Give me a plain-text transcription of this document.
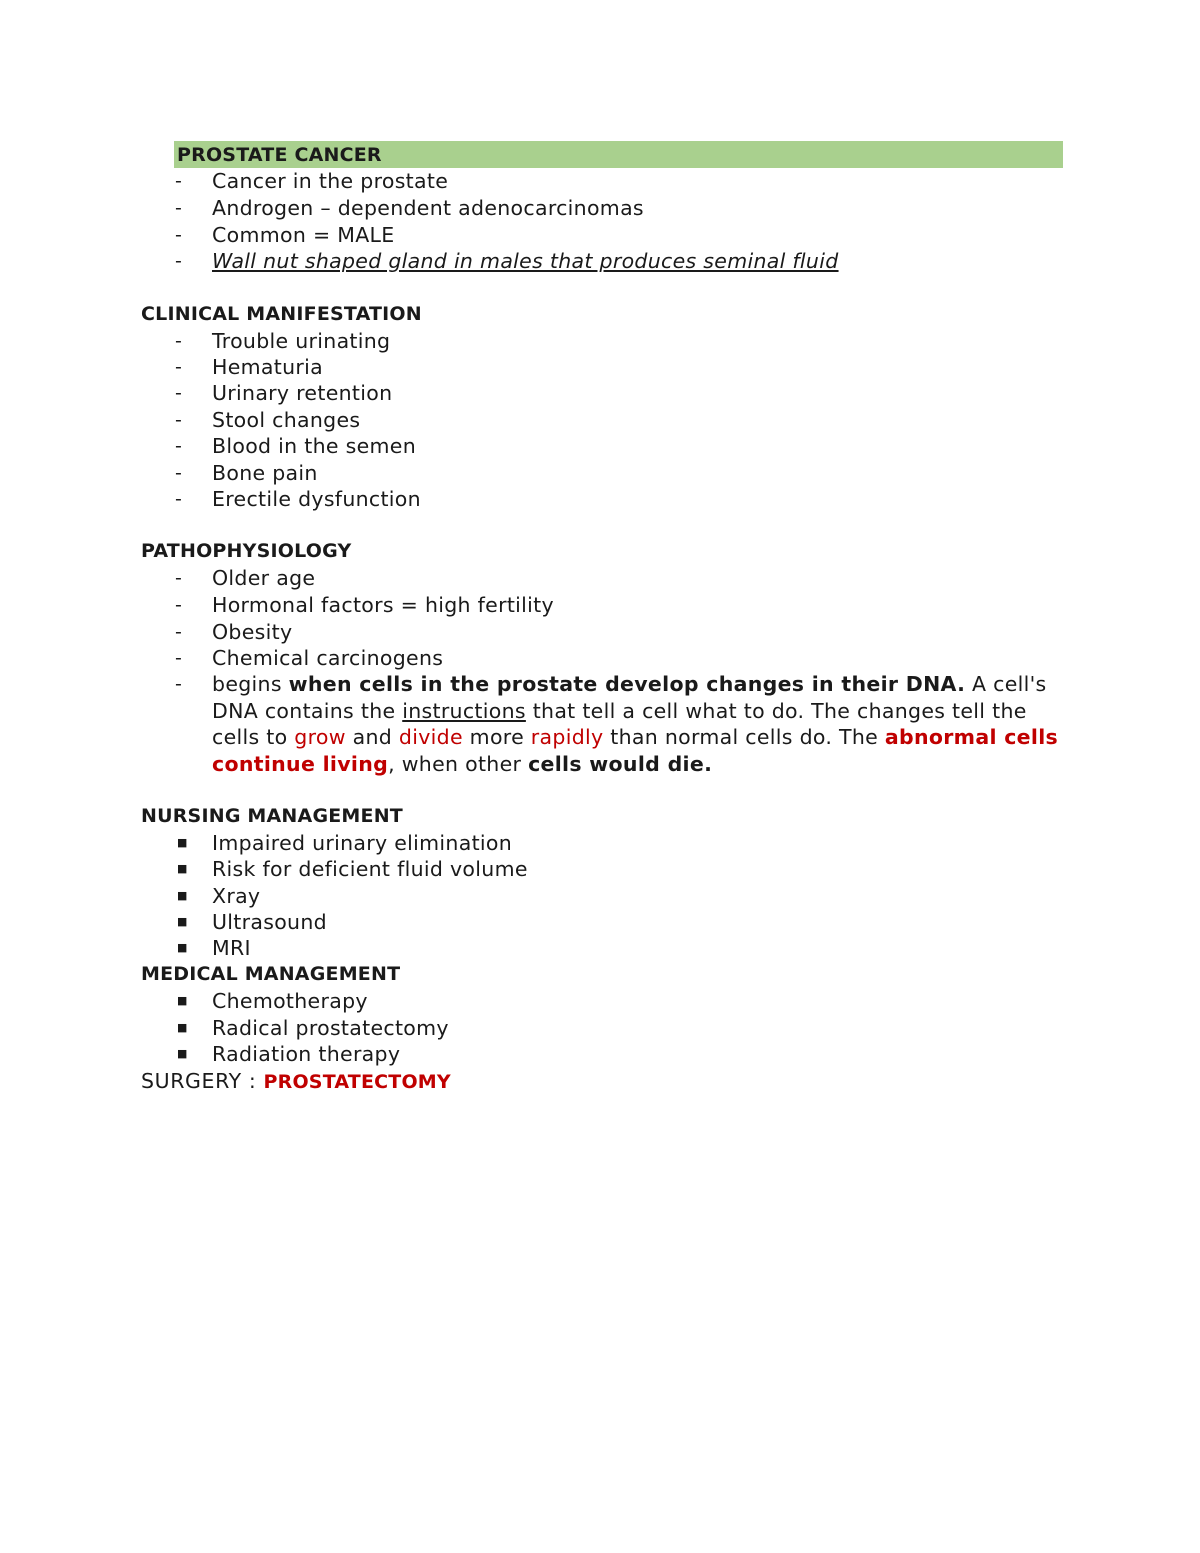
PROSTATE CANCER
- Cancer in the prostate
- Androgen – dependent adenocarcinomas
- Common = MALE
- Wall nut shaped gland in males that produces seminal fluid
CLINICAL MANIFESTATION
- Trouble urinating
- Hematuria
- Urinary retention
- Stool changes
- Blood in the semen
- Bone pain
- Erectile dysfunction
PATHOPHYSIOLOGY
- Older age
- Hormonal factors = high fertility
- Obesity
- Chemical carcinogens
- begins when cells in the prostate develop changes in their DNA. A cell's DNA contains the instructions that tell a cell what to do. The changes tell the cells to grow and divide more rapidly than normal cells do. The abnormal cells continue living, when other cells would die.
NURSING MANAGEMENT
■ Impaired urinary elimination
■ Risk for deficient fluid volume
■ Xray
■ Ultrasound
■ MRI
MEDICAL MANAGEMENT
■ Chemotherapy
■ Radical prostatectomy
■ Radiation therapy
SURGERY : PROSTATECTOMY
